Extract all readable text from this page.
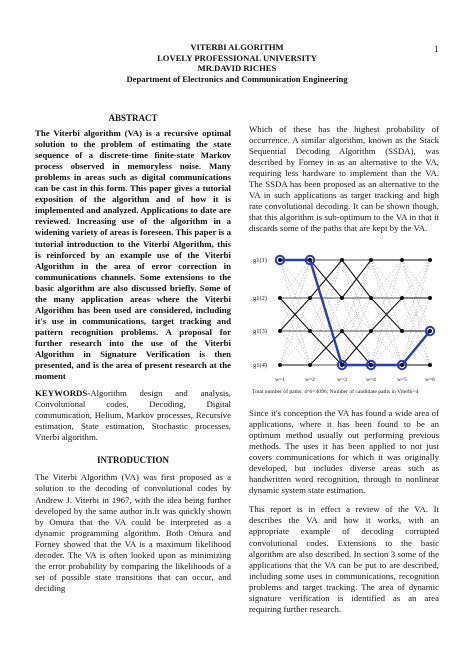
1
VITERBI ALGORITHM
LOVELY PROFESSIONAL UNIVERSITY
MR.DAVID RICHES
Department of Electronics and Communication Engineering
ABSTRACT

The Viterbi algorithm (VA) is a recursive optimal solution to the problem of estimating the state sequence of a discrete-time finite-state Markov process observed in memoryless noise. Many problems in areas such as digital communications can be cast in this form. This paper gives a tutorial exposition of the algorithm and of how it is implemented and analyzed. Applications to date are reviewed. Increasing use of the algorithm in a widening variety of areas is foreseen. This paper is a tutorial introduction to the Viterbi Algorithm, this is reinforced by an example use of the Viterbi Algorithm in the area of error correction in communications channels. Some extensions to the basic algorithm are also discussed briefly. Some of the many application areas where the Viterbi Algorithm has been used are considered, including it's use in communications, target tracking and pattern recognition problems. A proposal for further research into the use of the Viterbi Algorithm in Signature Verification is then presented, and is the area of present research at the moment

KEYWORDS-Algorithm design and analysis, Convolutional codes, Decoding, Digital communication, Helium, Markov processes, Recursive estimation, State estimation, Stochastic processes, Viterbi algorithm.

INTRODUCTION

The Viterbi Algorithm (VA) was first proposed as a solution to the decoding of convolutional codes by Andrew J. Viterbi in 1967, with the idea being further developed by the same author in.It was quickly shown by Omura that the VA could be interpreted as a dynamic programming algorithm. Both Omura and Forney showed that the VA is a maximum likelihood decoder. The VA is often looked upon as minimizing the error probability by comparing the likelihoods of a set of possible state transitions that can occur, and deciding

Which of these has the highest probability of occurrence. A similar algorithm, known as the Stack Sequential Decoding Algorithm (SSDA), was described by Forney in as an alternative to the VA, requiring less hardware to implement than the VA. The SSDA has been proposed as an alternative to the VA in such applications as target tracking and high rate convolutional decoding. It can be shown though, that this algorithm is sub-optimum to the VA in that it discards some of the paths that are kept by the VA.

g1(1)
g1(2)
g1(3)
g1(4)
w=1	w=2	w=3	w=4	w=5	w=6
Total number of paths: 4^6=4096; Number of candidate paths in Viterbi=4

Since it's conception the VA has found a wide area of applications, where it has been found to be an optimum method usually out performing previous methods. The uses it has been applied to not just covers communications for which it was originally developed, but includes diverse areas such as handwritten word recognition, through to nonlinear dynamic system state estimation.

This report is in effect a review of the VA. It describes the VA and how it works, with an appropriate example of decoding corrupted convolutional codes. Extensions to the basic algorithm are also described. In section 3 some of the applications that the VA can be put to are described, including some uses in communications, recognition problems and target tracking. The area of dynamic signature verification is identified as an area requiring further research.
